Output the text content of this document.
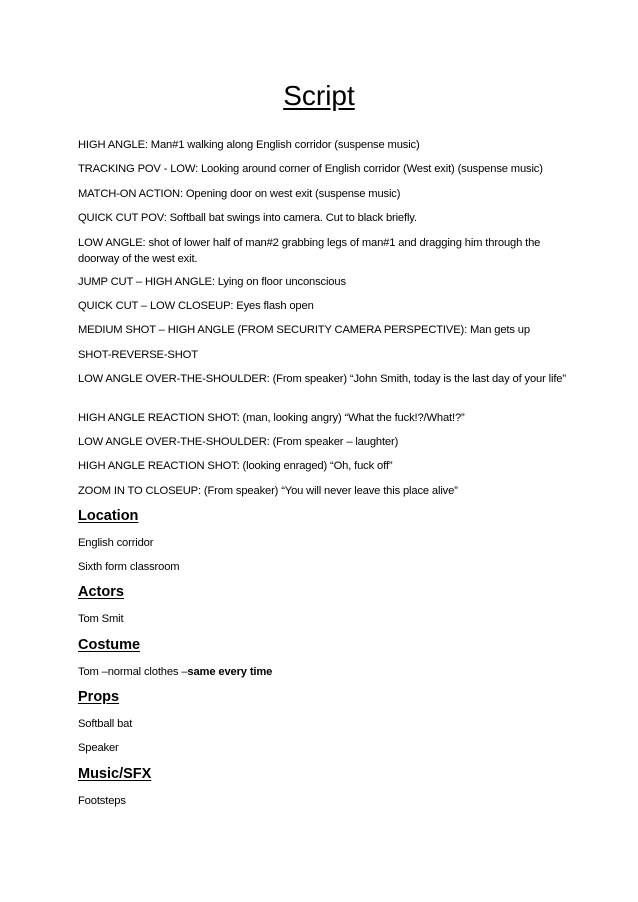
Script
HIGH ANGLE: Man#1 walking along English corridor (suspense music)
TRACKING POV - LOW: Looking around corner of English corridor (West exit) (suspense music)
MATCH-ON ACTION: Opening door on west exit (suspense music)
QUICK CUT POV: Softball bat swings into camera. Cut to black briefly.
LOW ANGLE: shot of lower half of man#2 grabbing legs of man#1 and dragging him through the doorway of the west exit.
JUMP CUT – HIGH ANGLE: Lying on floor unconscious
QUICK CUT – LOW CLOSEUP: Eyes flash open
MEDIUM SHOT – HIGH ANGLE (FROM SECURITY CAMERA PERSPECTIVE): Man gets up
SHOT-REVERSE-SHOT
LOW ANGLE OVER-THE-SHOULDER: (From speaker) “John Smith, today is the last day of your life”
HIGH ANGLE REACTION SHOT: (man, looking angry) “What the fuck!?/What!?”
LOW ANGLE OVER-THE-SHOULDER: (From speaker – laughter)
HIGH ANGLE REACTION SHOT: (looking enraged) “Oh, fuck off”
ZOOM IN TO CLOSEUP: (From speaker) “You will never leave this place alive”
Location
English corridor
Sixth form classroom
Actors
Tom Smit
Costume
Tom –normal clothes –same every time
Props
Softball bat
Speaker
Music/SFX
Footsteps
